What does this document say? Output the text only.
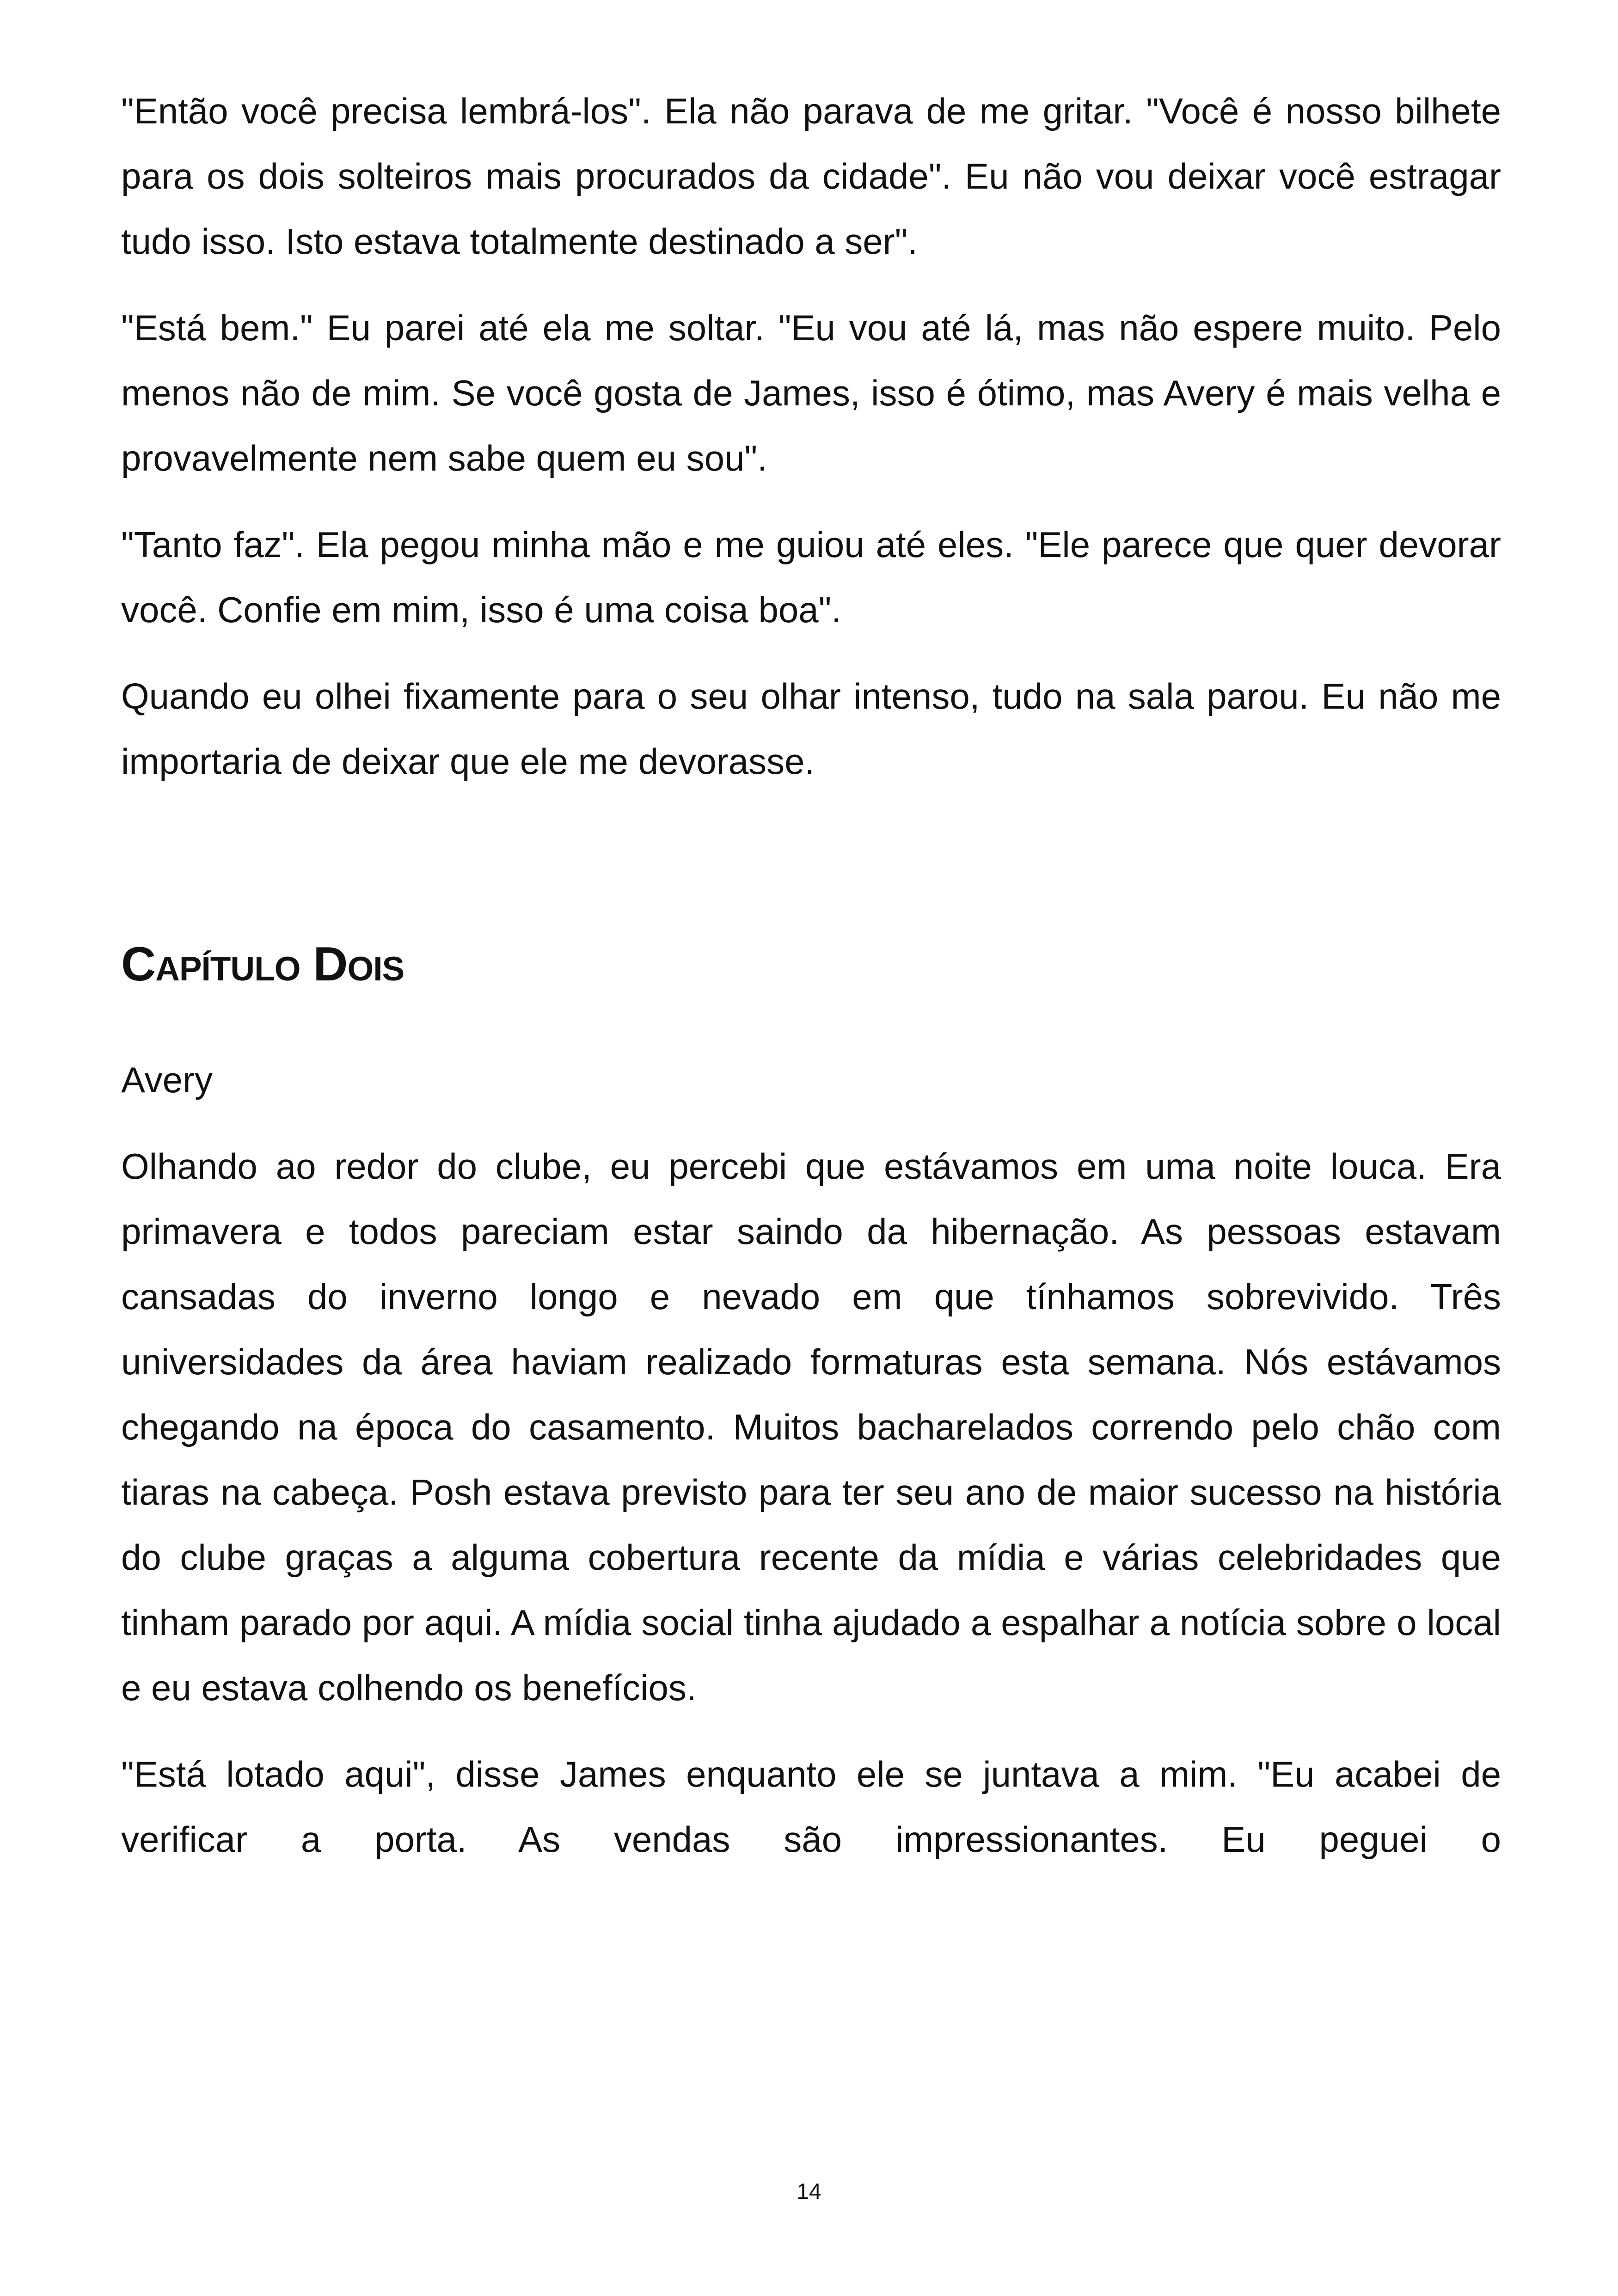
"Então você precisa lembrá-los". Ela não parava de me gritar. "Você é nosso bilhete para os dois solteiros mais procurados da cidade". Eu não vou deixar você estragar tudo isso. Isto estava totalmente destinado a ser".

"Está bem." Eu parei até ela me soltar. "Eu vou até lá, mas não espere muito. Pelo menos não de mim. Se você gosta de James, isso é ótimo, mas Avery é mais velha e provavelmente nem sabe quem eu sou".

"Tanto faz". Ela pegou minha mão e me guiou até eles. "Ele parece que quer devorar você. Confie em mim, isso é uma coisa boa".

Quando eu olhei fixamente para o seu olhar intenso, tudo na sala parou. Eu não me importaria de deixar que ele me devorasse.

Capítulo Dois

Avery

Olhando ao redor do clube, eu percebi que estávamos em uma noite louca. Era primavera e todos pareciam estar saindo da hibernação. As pessoas estavam cansadas do inverno longo e nevado em que tínhamos sobrevivido. Três universidades da área haviam realizado formaturas esta semana. Nós estávamos chegando na época do casamento. Muitos bacharelados correndo pelo chão com tiaras na cabeça. Posh estava previsto para ter seu ano de maior sucesso na história do clube graças a alguma cobertura recente da mídia e várias celebridades que tinham parado por aqui. A mídia social tinha ajudado a espalhar a notícia sobre o local e eu estava colhendo os benefícios.

"Está lotado aqui", disse James enquanto ele se juntava a mim. "Eu acabei de verificar a porta. As vendas são impressionantes. Eu peguei o

14
